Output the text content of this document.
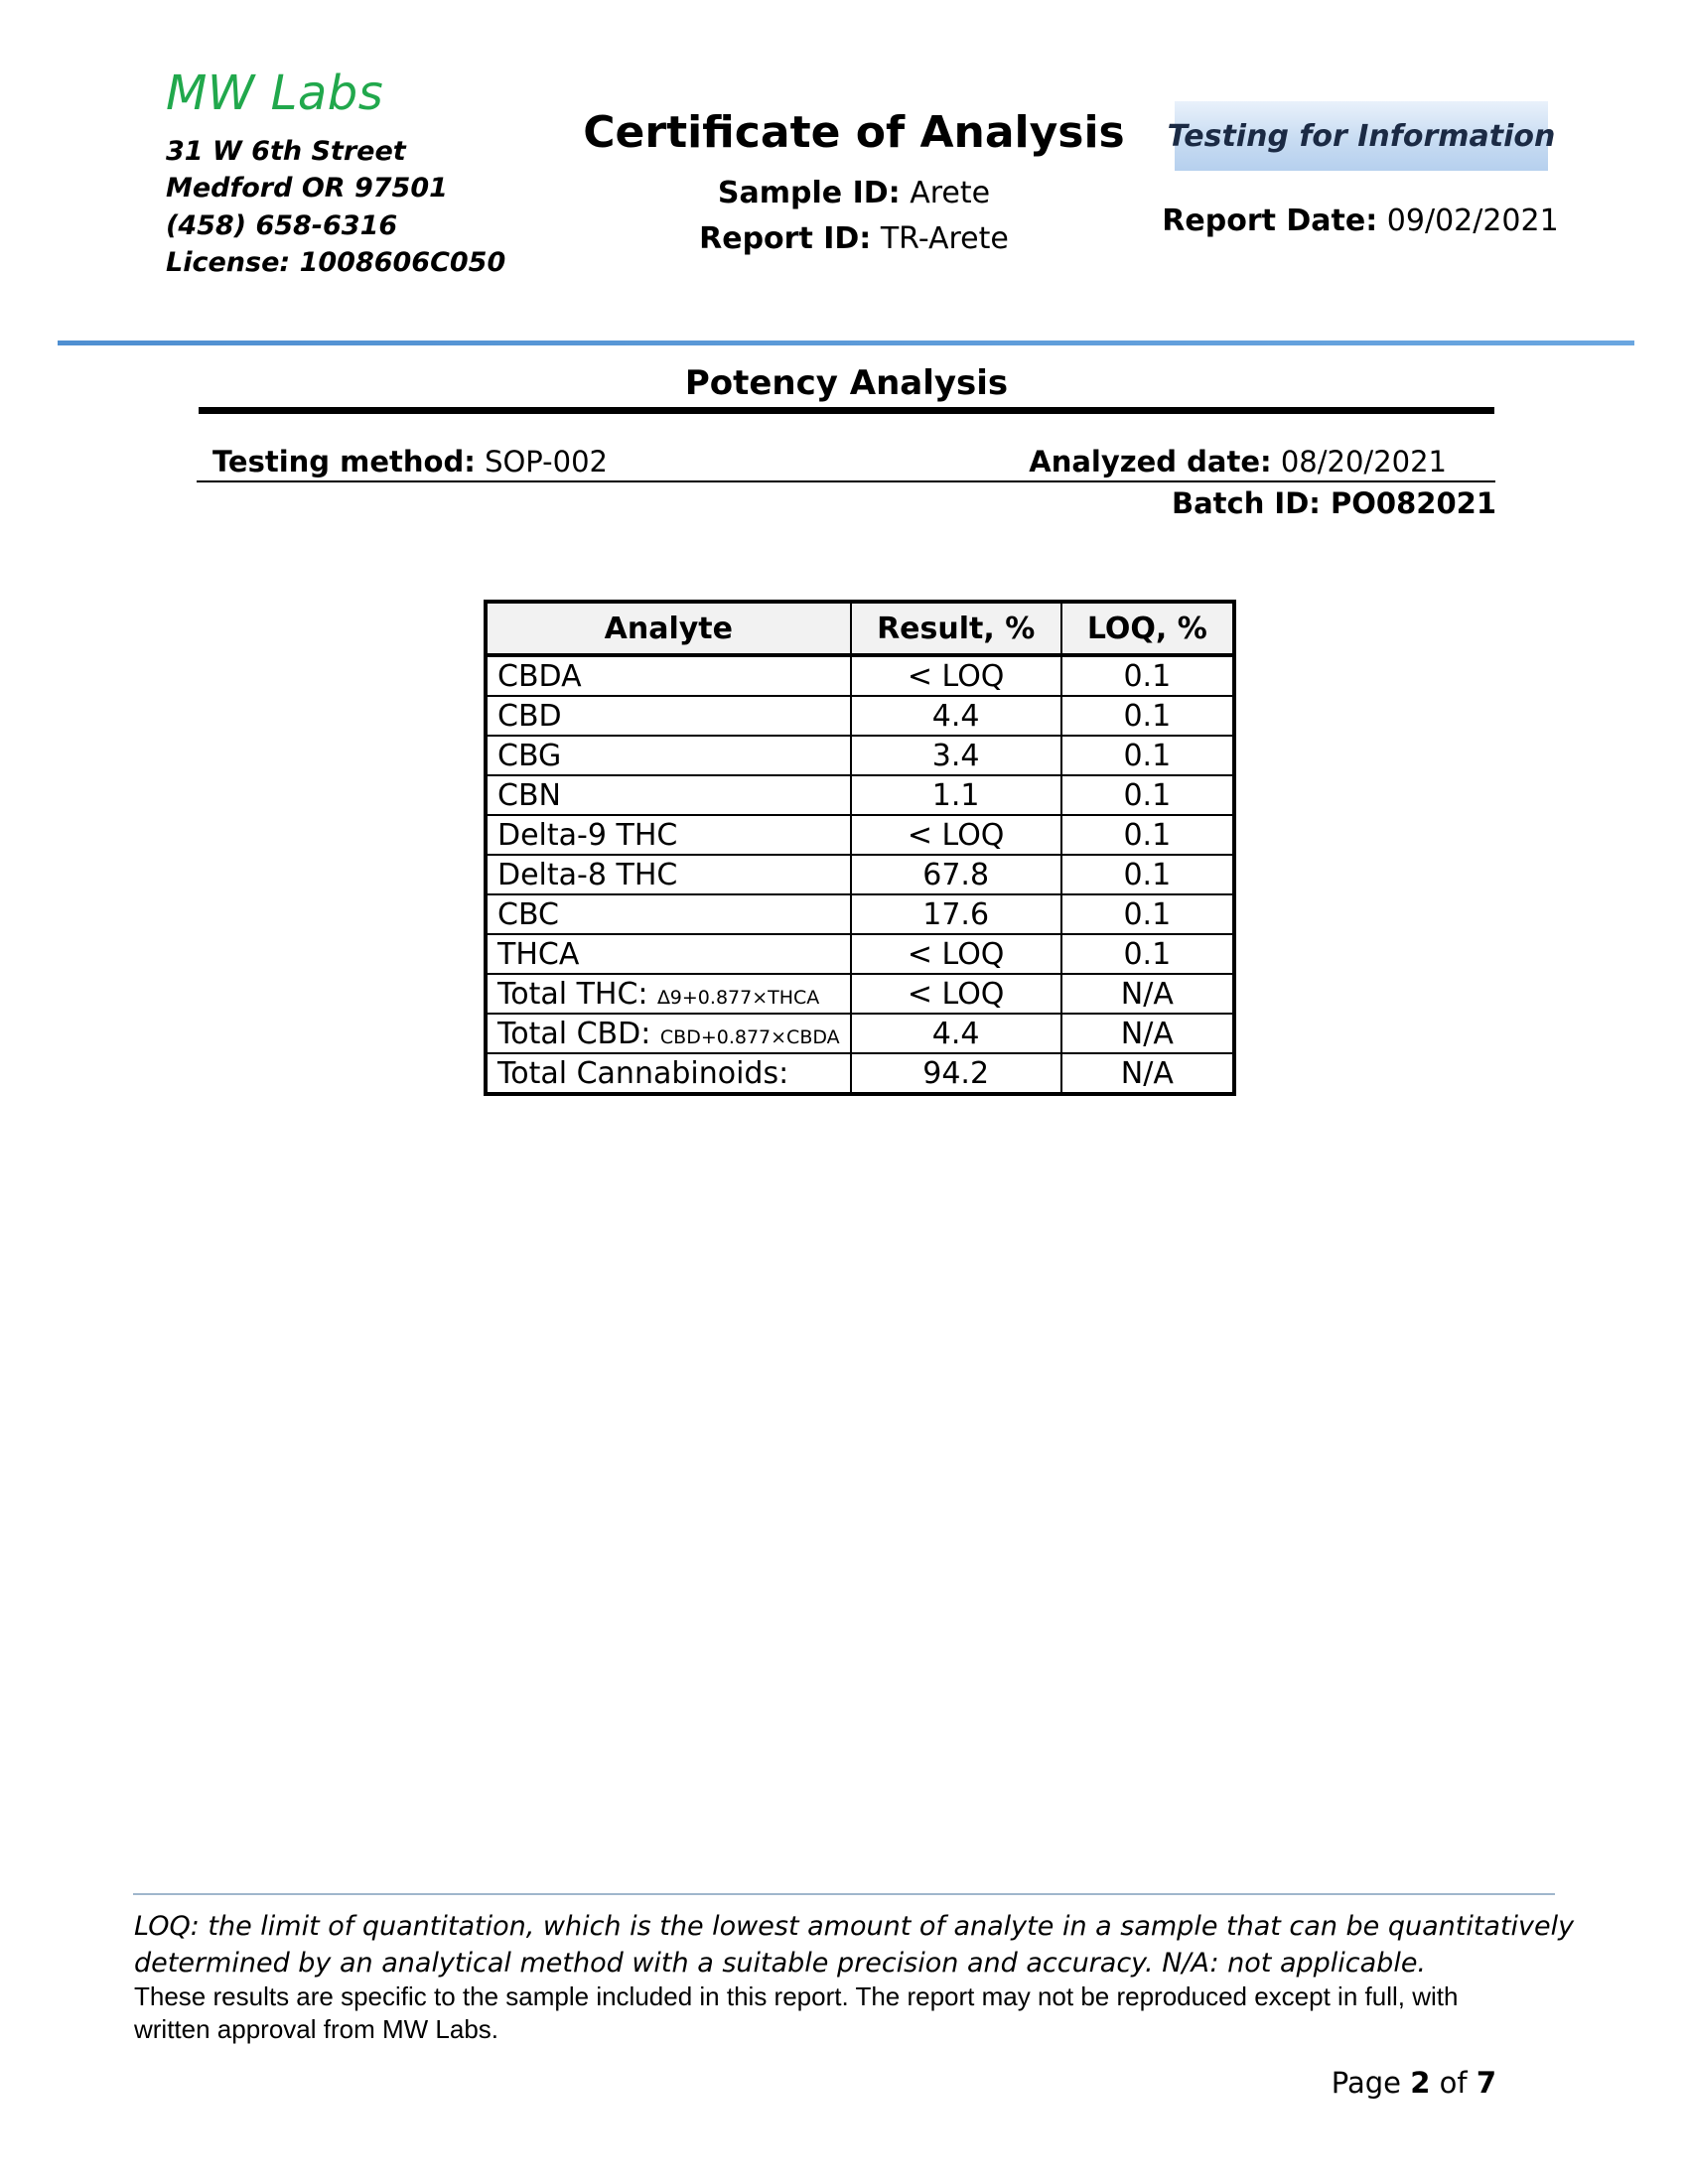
MW Labs
31 W 6th Street
Medford OR 97501
(458) 658-6316
License: 1008606C050
Certificate of Analysis
Sample ID: Arete
Report ID: TR-Arete
Testing for Information
Report Date: 09/02/2021
Potency Analysis
Testing method: SOP-002	Analyzed date: 08/20/2021
Batch ID: PO082021
Analyte	Result, %	LOQ, %
CBDA	< LOQ	0.1
CBD	4.4	0.1
CBG	3.4	0.1
CBN	1.1	0.1
Delta-9 THC	< LOQ	0.1
Delta-8 THC	67.8	0.1
CBC	17.6	0.1
THCA	< LOQ	0.1
Total THC: ∆9+0.877×THCA	< LOQ	N/A
Total CBD: CBD+0.877×CBDA	4.4	N/A
Total Cannabinoids:	94.2	N/A
LOQ: the limit of quantitation, which is the lowest amount of analyte in a sample that can be quantitatively
determined by an analytical method with a suitable precision and accuracy. N/A: not applicable.
These results are specific to the sample included in this report. The report may not be reproduced except in full, with
written approval from MW Labs.
Page 2 of 7
